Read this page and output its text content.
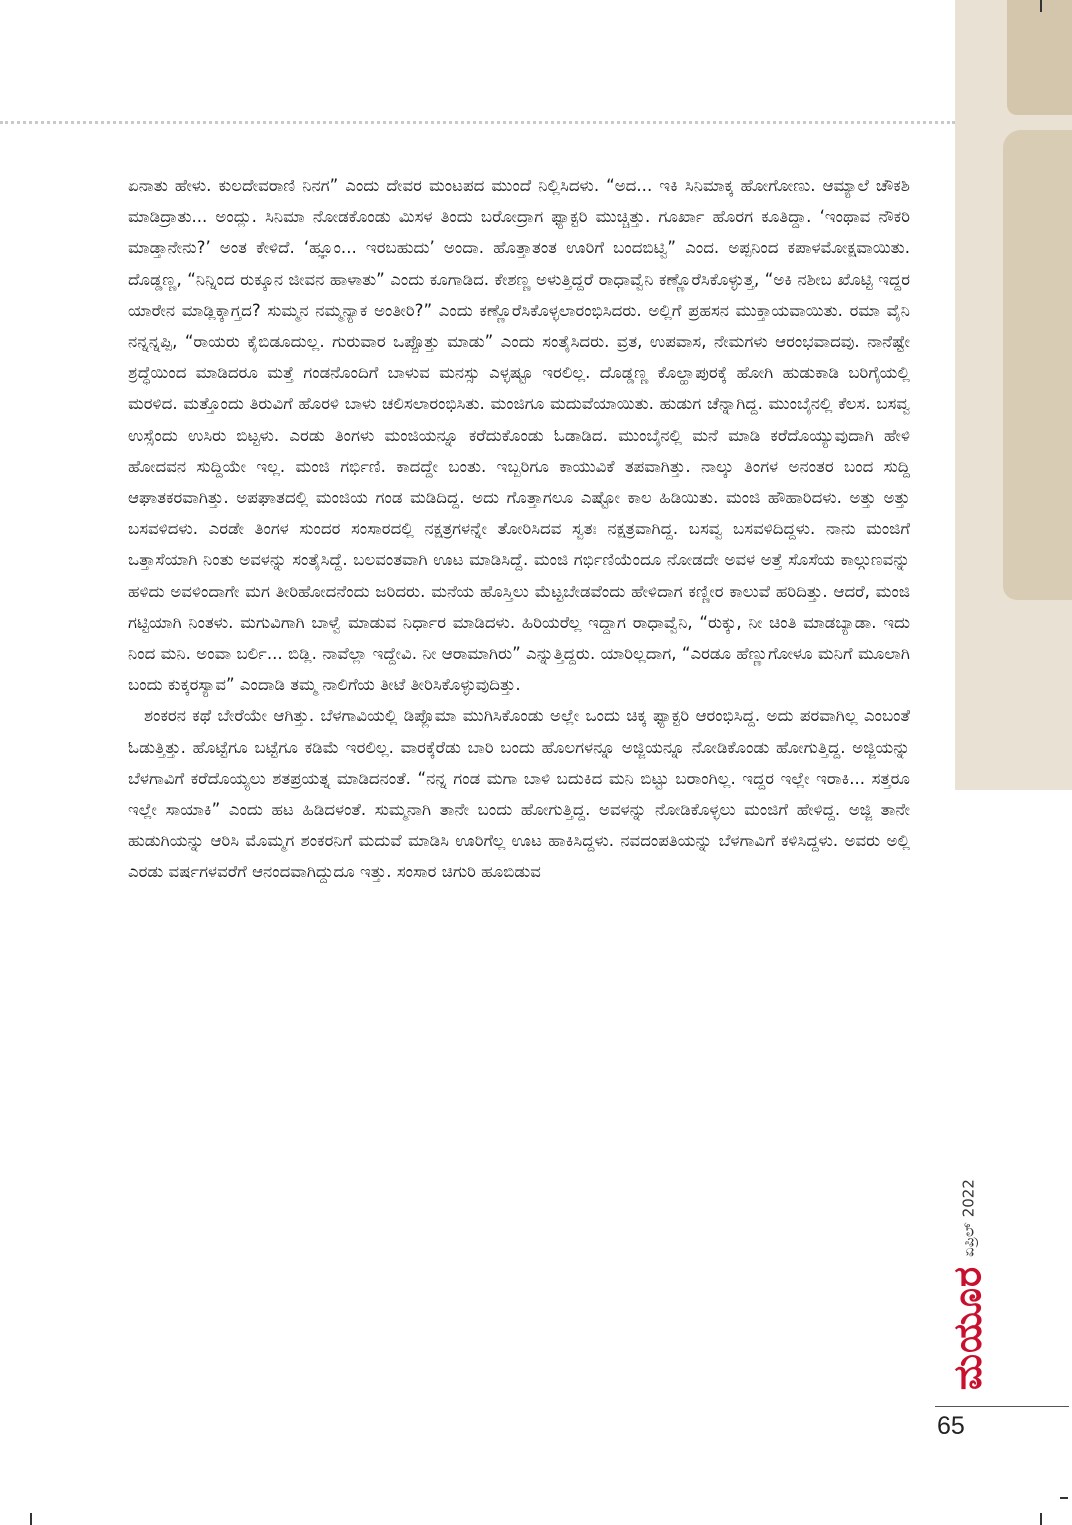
ಏನಾತು ಹೇಳು. ಕುಲದೇವರಾಣಿ ನಿನಗ” ಎಂದು ದೇವರ ಮಂಟಪದ ಮುಂದೆ ನಿಲ್ಲಿಸಿದಳು. “ಅದ... ಇಕಿ ಸಿನಿಮಾಕ್ಕ ಹೋಗೋಣು. ಆಮ್ಯಾಲೆ ಚೌಕಶಿ ಮಾಡಿದ್ರಾತು... ಅಂದ್ಲು. ಸಿನಿಮಾ ನೋಡಕೊಂಡು ಮಿಸಳ ತಿಂದು ಬರೋದ್ರಾಗ ಫ್ಯಾಕ್ಟರಿ ಮುಚ್ಚಿತ್ತು. ಗೂರ್ಖಾ ಹೊರಗ ಕೂತಿದ್ದಾ. ‘ಇಂಥಾವ ನೌಕರಿ ಮಾಡ್ತಾನೇನು?’ ಅಂತ ಕೇಳಿದೆ. ‘ಹ್ಞೂಂ... ಇರಬಹುದು’ ಅಂದಾ. ಹೊತ್ತಾತಂತ ಊರಿಗೆ ಬಂದಬಿಟ್ವಿ” ಎಂದ. ಅಪ್ಪನಿಂದ ಕಪಾಳಮೋಕ್ಷವಾಯಿತು. ದೊಡ್ಡಣ್ಣ, “ನಿನ್ನಿಂದ ರುಕ್ಕೂನ ಜೀವನ ಹಾಳಾತು” ಎಂದು ಕೂಗಾಡಿದ. ಕೇಶಣ್ಣ ಅಳುತ್ತಿದ್ದರೆ ರಾಧಾವ್ವೆನಿ ಕಣ್ಣೊರೆಸಿಕೊಳ್ಳುತ್ತ, “ಅಕಿ ನಶೀಬ ಖೊಟ್ಟಿ ಇದ್ದರ ಯಾರೇನ ಮಾಡ್ಲಿಕ್ಕಾಗ್ತದ? ಸುಮ್ಮನ ನಮ್ಮನ್ಯಾಕ ಅಂತೀರಿ?” ಎಂದು ಕಣ್ಣೊರೆಸಿಕೊಳ್ಳಲಾರಂಭಿಸಿದರು. ಅಲ್ಲಿಗೆ ಪ್ರಹಸನ ಮುಕ್ತಾಯವಾಯಿತು. ರಮಾ ವೈನಿ ನನ್ನನ್ನಪ್ಪಿ, “ರಾಯರು ಕೈಬಿಡೂದುಲ್ಲ. ಗುರುವಾರ ಒಪ್ಪೊತ್ತು ಮಾಡು” ಎಂದು ಸಂತೈಸಿದರು. ವ್ರತ, ಉಪವಾಸ, ನೇಮಗಳು ಆರಂಭವಾದವು. ನಾನೆಷ್ಟೇ ಶ್ರದ್ಧೆಯಿಂದ ಮಾಡಿದರೂ ಮತ್ತೆ ಗಂಡನೊಂದಿಗೆ ಬಾಳುವ ಮನಸ್ಸು ಎಳ್ಳಷ್ಟೂ ಇರಲಿಲ್ಲ. ದೊಡ್ಡಣ್ಣ ಕೊಲ್ಹಾಪುರಕ್ಕೆ ಹೋಗಿ ಹುಡುಕಾಡಿ ಬರಿಗೈಯಲ್ಲಿ ಮರಳಿದ. ಮತ್ತೊಂದು ತಿರುವಿಗೆ ಹೊರಳಿ ಬಾಳು ಚಲಿಸಲಾರಂಭಿಸಿತು. ಮಂಜಿಗೂ ಮದುವೆಯಾಯಿತು. ಹುಡುಗ ಚೆನ್ನಾಗಿದ್ದ. ಮುಂಬೈನಲ್ಲಿ ಕೆಲಸ. ಬಸವ್ವ ಉಸ್ಸೆಂದು ಉಸಿರು ಬಿಟ್ಟಳು. ಎರಡು ತಿಂಗಳು ಮಂಜಿಯನ್ನೂ ಕರೆದುಕೊಂಡು ಓಡಾಡಿದ. ಮುಂಬೈನಲ್ಲಿ ಮನೆ ಮಾಡಿ ಕರೆದೊಯ್ಯುವುದಾಗಿ ಹೇಳಿ ಹೋದವನ ಸುದ್ದಿಯೇ ಇಲ್ಲ. ಮಂಜಿ ಗರ್ಭಿಣಿ. ಕಾದದ್ದೇ ಬಂತು. ಇಬ್ಬರಿಗೂ ಕಾಯುವಿಕೆ ತಪವಾಗಿತ್ತು. ನಾಲ್ಕು ತಿಂಗಳ ಅನಂತರ ಬಂದ ಸುದ್ದಿ ಆಘಾತಕರವಾಗಿತ್ತು. ಅಪಘಾತದಲ್ಲಿ ಮಂಜಿಯ ಗಂಡ ಮಡಿದಿದ್ದ. ಅದು ಗೊತ್ತಾಗಲೂ ಎಷ್ಟೋ ಕಾಲ ಹಿಡಿಯಿತು. ಮಂಜಿ ಹೌಹಾರಿದಳು. ಅತ್ತು ಅತ್ತು ಬಸವಳಿದಳು. ಎರಡೇ ತಿಂಗಳ ಸುಂದರ ಸಂಸಾರದಲ್ಲಿ ನಕ್ಷತ್ರಗಳನ್ನೇ ತೋರಿಸಿದವ ಸ್ವತಃ ನಕ್ಷತ್ರವಾಗಿದ್ದ. ಬಸವ್ವ ಬಸವಳಿದಿದ್ದಳು. ನಾನು ಮಂಜಿಗೆ ಒತ್ತಾಸೆಯಾಗಿ ನಿಂತು ಅವಳನ್ನು ಸಂತೈಸಿದ್ದೆ. ಬಲವಂತವಾಗಿ ಊಟ ಮಾಡಿಸಿದ್ದೆ. ಮಂಜಿ ಗರ್ಭಿಣಿಯೆಂದೂ ನೋಡದೇ ಅವಳ ಅತ್ತೆ ಸೊಸೆಯ ಕಾಲ್ಗುಣವನ್ನು ಹಳಿದು ಅವಳಿಂದಾಗೇ ಮಗ ತೀರಿಹೋದನೆಂದು ಜರಿದರು. ಮನೆಯ ಹೊಸ್ತಿಲು ಮೆಟ್ಟಬೇಡವೆಂದು ಹೇಳಿದಾಗ ಕಣ್ಣೀರ ಕಾಲುವೆ ಹರಿದಿತ್ತು. ಆದರೆ, ಮಂಜಿ ಗಟ್ಟಿಯಾಗಿ ನಿಂತಳು. ಮಗುವಿಗಾಗಿ ಬಾಳ್ವೆ ಮಾಡುವ ನಿರ್ಧಾರ ಮಾಡಿದಳು. ಹಿರಿಯರೆಲ್ಲ ಇದ್ದಾಗ ರಾಧಾವ್ವೆನಿ, “ರುಕ್ಕು, ನೀ ಚಿಂತಿ ಮಾಡಬ್ಯಾಡಾ. ಇದು ನಿಂದ ಮನಿ. ಅಂವಾ ಬರ್ಲಿ... ಬಿಡ್ಲಿ. ನಾವೆಲ್ಲಾ ಇದ್ದೇವಿ. ನೀ ಆರಾಮಾಗಿರು” ಎನ್ನುತ್ತಿದ್ದರು. ಯಾರಿಲ್ಲದಾಗ, “ಎರಡೂ ಹೆಣ್ಣುಗೋಳೂ ಮನಿಗೆ ಮೂಲಾಗಿ ಬಂದು ಕುಕ್ಕರಸ್ಯಾವ” ಎಂದಾಡಿ ತಮ್ಮ ನಾಲಿಗೆಯ ತೀಟೆ ತೀರಿಸಿಕೊಳ್ಳುವುದಿತ್ತು.

ಶಂಕರನ ಕಥೆ ಬೇರೆಯೇ ಆಗಿತ್ತು. ಬೆಳಗಾವಿಯಲ್ಲಿ ಡಿಪ್ಲೊಮಾ ಮುಗಿಸಿಕೊಂಡು ಅಲ್ಲೇ ಒಂದು ಚಿಕ್ಕ ಫ್ಯಾಕ್ಟರಿ ಆರಂಭಿಸಿದ್ದ. ಅದು ಪರವಾಗಿಲ್ಲ ಎಂಬಂತೆ ಓಡುತ್ತಿತ್ತು. ಹೊಟ್ಟೆಗೂ ಬಟ್ಟೆಗೂ ಕಡಿಮೆ ಇರಲಿಲ್ಲ. ವಾರಕ್ಕೆರೆಡು ಬಾರಿ ಬಂದು ಹೊಲಗಳನ್ನೂ ಅಜ್ಜಿಯನ್ನೂ ನೋಡಿಕೊಂಡು ಹೋಗುತ್ತಿದ್ದ. ಅಜ್ಜಿಯನ್ನು ಬೆಳಗಾವಿಗೆ ಕರೆದೊಯ್ಯಲು ಶತಪ್ರಯತ್ನ ಮಾಡಿದನಂತೆ. “ನನ್ನ ಗಂಡ ಮಗಾ ಬಾಳಿ ಬದುಕಿದ ಮನಿ ಬಿಟ್ಟು ಬರಾಂಗಿಲ್ಲ. ಇದ್ದರ ಇಲ್ಲೇ ಇರಾಕಿ... ಸತ್ತರೂ ಇಲ್ಲೇ ಸಾಯಾಕಿ” ಎಂದು ಹಟ ಹಿಡಿದಳಂತೆ. ಸುಮ್ಮನಾಗಿ ತಾನೇ ಬಂದು ಹೋಗುತ್ತಿದ್ದ. ಅವಳನ್ನು ನೋಡಿಕೊಳ್ಳಲು ಮಂಜಿಗೆ ಹೇಳಿದ್ದ. ಅಜ್ಜಿ ತಾನೇ ಹುಡುಗಿಯನ್ನು ಆರಿಸಿ ಮೊಮ್ಮಗ ಶಂಕರನಿಗೆ ಮದುವೆ ಮಾಡಿಸಿ ಊರಿಗೆಲ್ಲ ಊಟ ಹಾಕಿಸಿದ್ದಳು. ನವದಂಪತಿಯನ್ನು ಬೆಳಗಾವಿಗೆ ಕಳಿಸಿದ್ದಳು. ಅವರು ಅಲ್ಲಿ ಎರಡು ವರ್ಷಗಳವರೆಗೆ ಆನಂದವಾಗಿದ್ದುದೂ ಇತ್ತು. ಸಂಸಾರ ಚಿಗುರಿ ಹೂಬಿಡುವ

ಏಪ್ರಿಲ್ 2022
ಮಯೂರ
65
